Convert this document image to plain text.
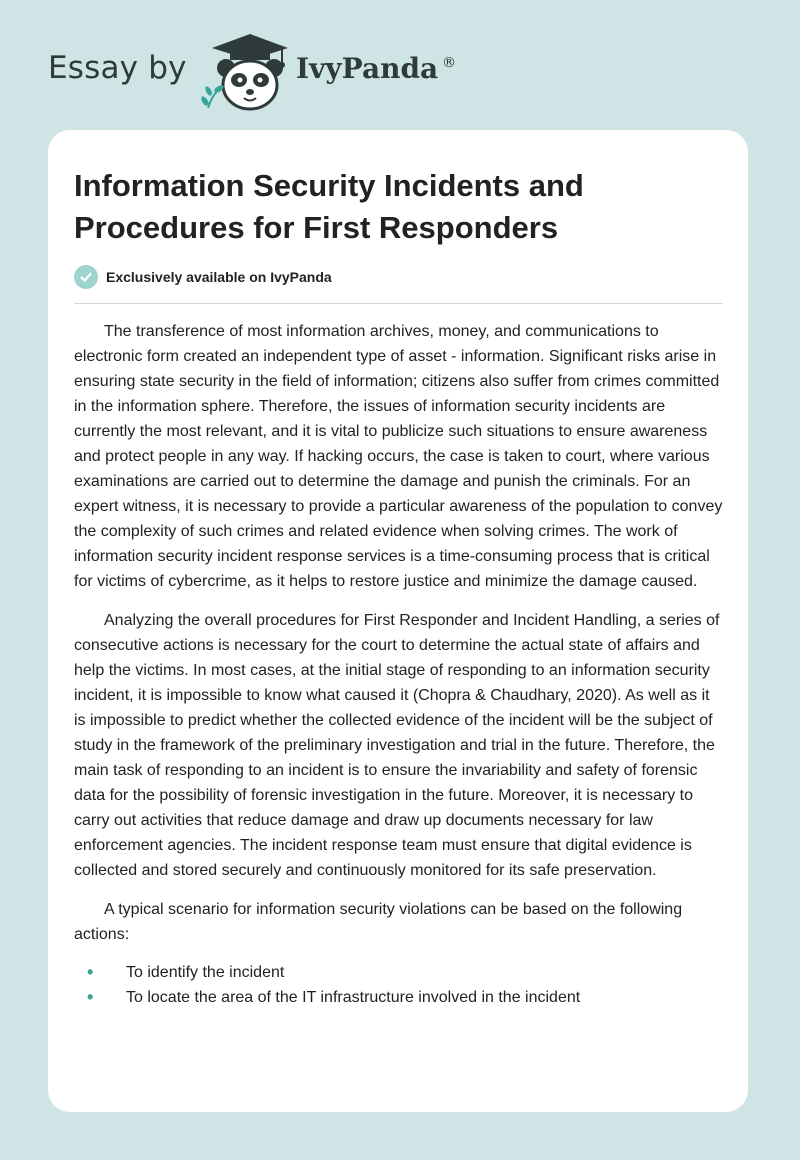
Essay by	IvyPanda ®
Information Security Incidents and Procedures for First Responders
Exclusively available on IvyPanda

The transference of most information archives, money, and communications to electronic form created an independent type of asset - information. Significant risks arise in ensuring state security in the field of information; citizens also suffer from crimes committed in the information sphere. Therefore, the issues of information security incidents are currently the most relevant, and it is vital to publicize such situations to ensure awareness and protect people in any way. If hacking occurs, the case is taken to court, where various examinations are carried out to determine the damage and punish the criminals. For an expert witness, it is necessary to provide a particular awareness of the population to convey the complexity of such crimes and related evidence when solving crimes. The work of information security incident response services is a time-consuming process that is critical for victims of cybercrime, as it helps to restore justice and minimize the damage caused.

Analyzing the overall procedures for First Responder and Incident Handling, a series of consecutive actions is necessary for the court to determine the actual state of affairs and help the victims. In most cases, at the initial stage of responding to an information security incident, it is impossible to know what caused it (Chopra & Chaudhary, 2020). As well as it is impossible to predict whether the collected evidence of the incident will be the subject of study in the framework of the preliminary investigation and trial in the future. Therefore, the main task of responding to an incident is to ensure the invariability and safety of forensic data for the possibility of forensic investigation in the future. Moreover, it is necessary to carry out activities that reduce damage and draw up documents necessary for law enforcement agencies. The incident response team must ensure that digital evidence is collected and stored securely and continuously monitored for its safe preservation.

A typical scenario for information security violations can be based on the following actions:

• To identify the incident
• To locate the area of the IT infrastructure involved in the incident
